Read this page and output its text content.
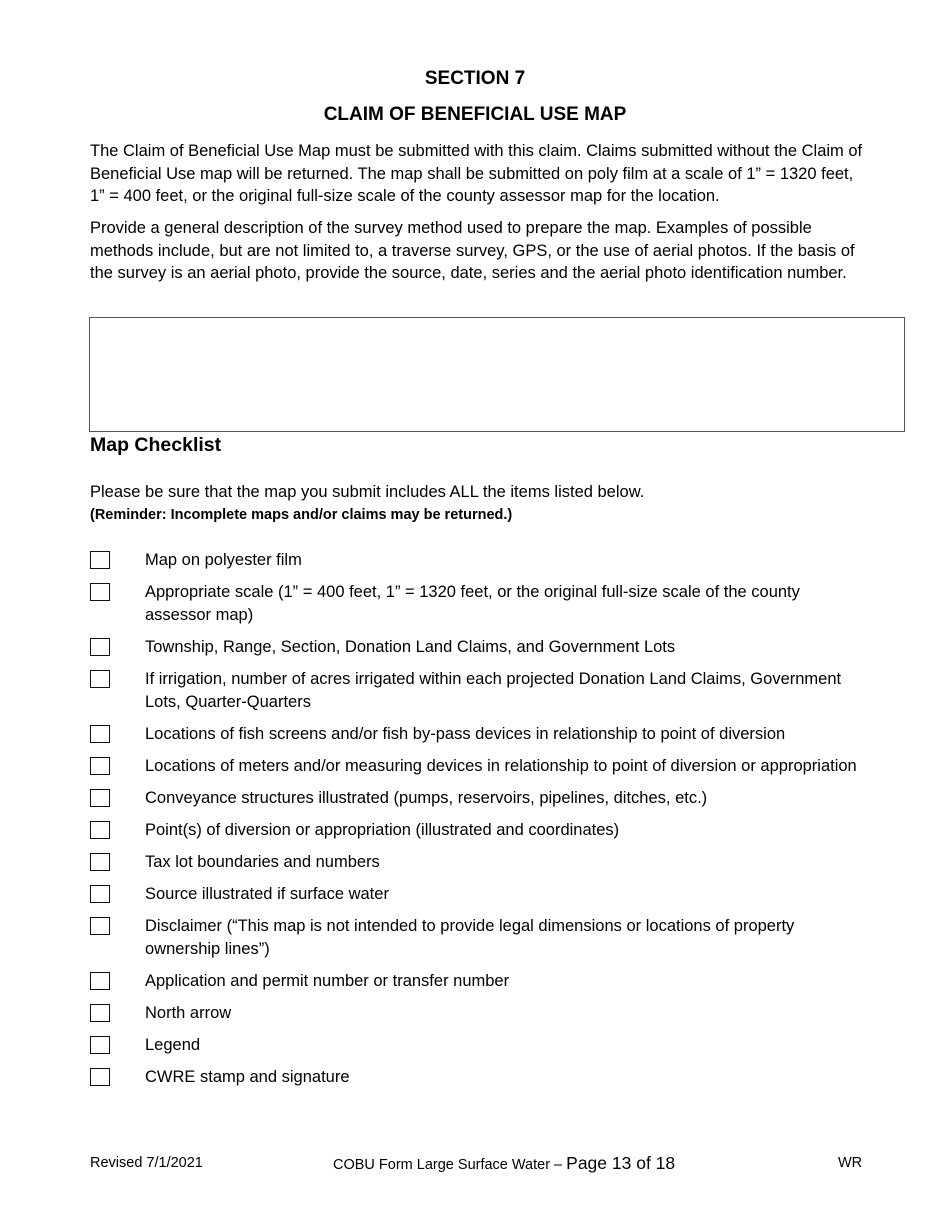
SECTION 7
CLAIM OF BENEFICIAL USE MAP

The Claim of Beneficial Use Map must be submitted with this claim. Claims submitted without the Claim of Beneficial Use map will be returned. The map shall be submitted on poly film at a scale of 1” = 1320 feet, 1” = 400 feet, or the original full-size scale of the county assessor map for the location.

Provide a general description of the survey method used to prepare the map. Examples of possible methods include, but are not limited to, a traverse survey, GPS, or the use of aerial photos. If the basis of the survey is an aerial photo, provide the source, date, series and the aerial photo identification number.

Map Checklist
Please be sure that the map you submit includes ALL the items listed below.
(Reminder: Incomplete maps and/or claims may be returned.)
Map on polyester film
Appropriate scale (1” = 400 feet, 1” = 1320 feet, or the original full-size scale of the county assessor map)
Township, Range, Section, Donation Land Claims, and Government Lots
If irrigation, number of acres irrigated within each projected Donation Land Claims, Government Lots, Quarter-Quarters
Locations of fish screens and/or fish by-pass devices in relationship to point of diversion
Locations of meters and/or measuring devices in relationship to point of diversion or appropriation
Conveyance structures illustrated (pumps, reservoirs, pipelines, ditches, etc.)
Point(s) of diversion or appropriation (illustrated and coordinates)
Tax lot boundaries and numbers
Source illustrated if surface water
Disclaimer (“This map is not intended to provide legal dimensions or locations of property ownership lines”)
Application and permit number or transfer number
North arrow
Legend
CWRE stamp and signature
Revised 7/1/2021	COBU Form Large Surface Water – Page 13 of 18	WR
